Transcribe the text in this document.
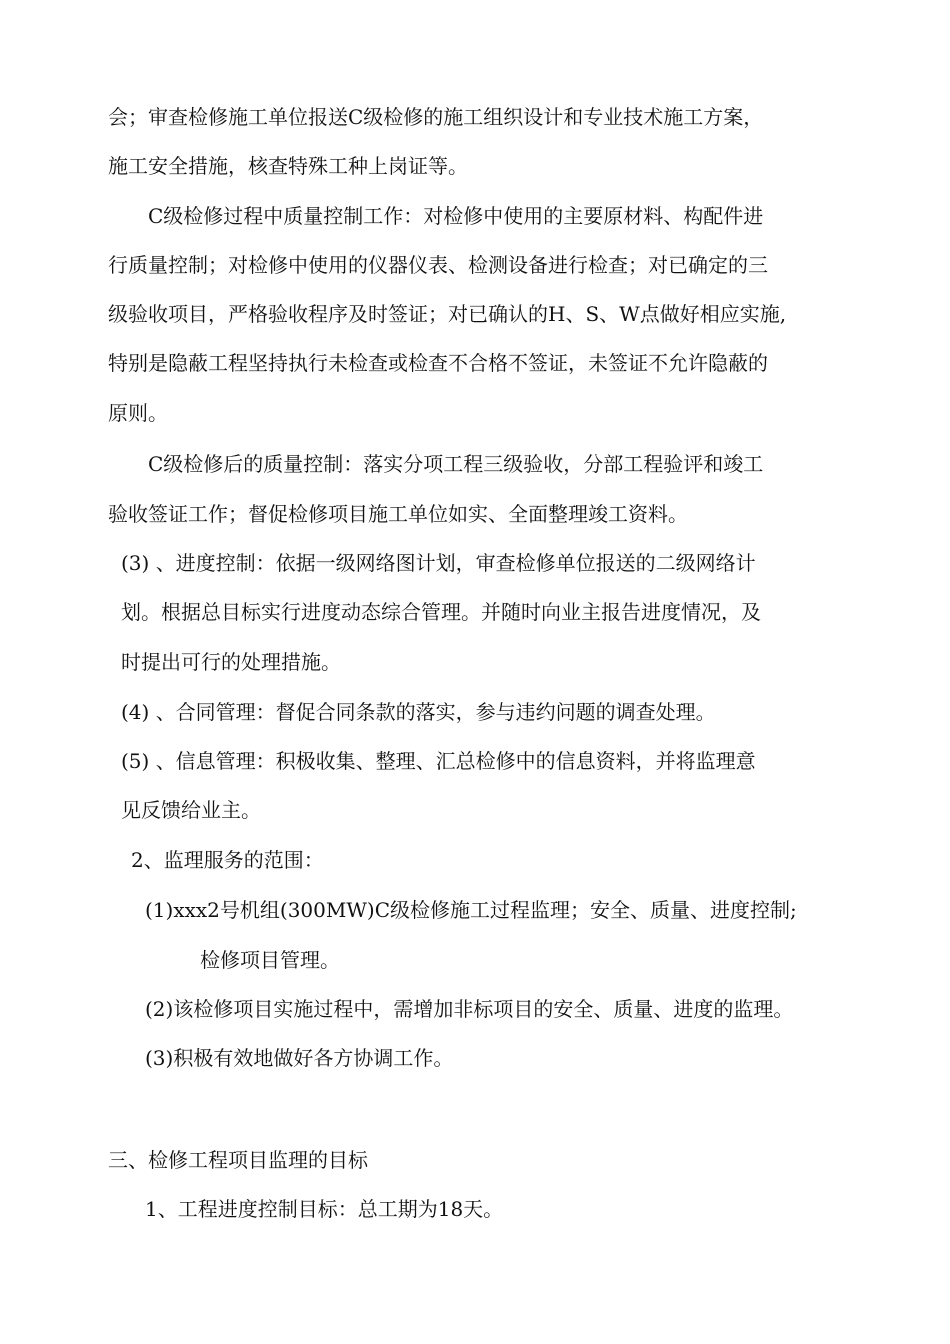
会；审查检修施工单位报送C级检修的施工组织设计和专业技术施工方案，

施工安全措施，核查特殊工种上岗证等。

C级检修过程中质量控制工作：对检修中使用的主要原材料、构配件进

行质量控制；对检修中使用的仪器仪表、检测设备进行检查；对已确定的三

级验收项目，严格验收程序及时签证；对已确认的H、S、W点做好相应实施,

特别是隐蔽工程坚持执行未检查或检查不合格不签证，未签证不允许隐蔽的

原则。

C级检修后的质量控制：落实分项工程三级验收，分部工程验评和竣工

验收签证工作；督促检修项目施工单位如实、全面整理竣工资料。

(3) 、进度控制：依据一级网络图计划，审查检修单位报送的二级网络计

划。根据总目标实行进度动态综合管理。并随时向业主报告进度情况，及

时提出可行的处理措施。

(4) 、合同管理：督促合同条款的落实，参与违约问题的调查处理。

(5) 、信息管理：积极收集、整理、汇总检修中的信息资料，并将监理意

见反馈给业主。

2、监理服务的范围：

(1)xxx2号机组(300MW)C级检修施工过程监理；安全、质量、进度控制;

检修项目管理。

(2)该检修项目实施过程中，需增加非标项目的安全、质量、进度的监理。

(3)积极有效地做好各方协调工作。

三、检修工程项目监理的目标

1、工程进度控制目标：总工期为18天。
